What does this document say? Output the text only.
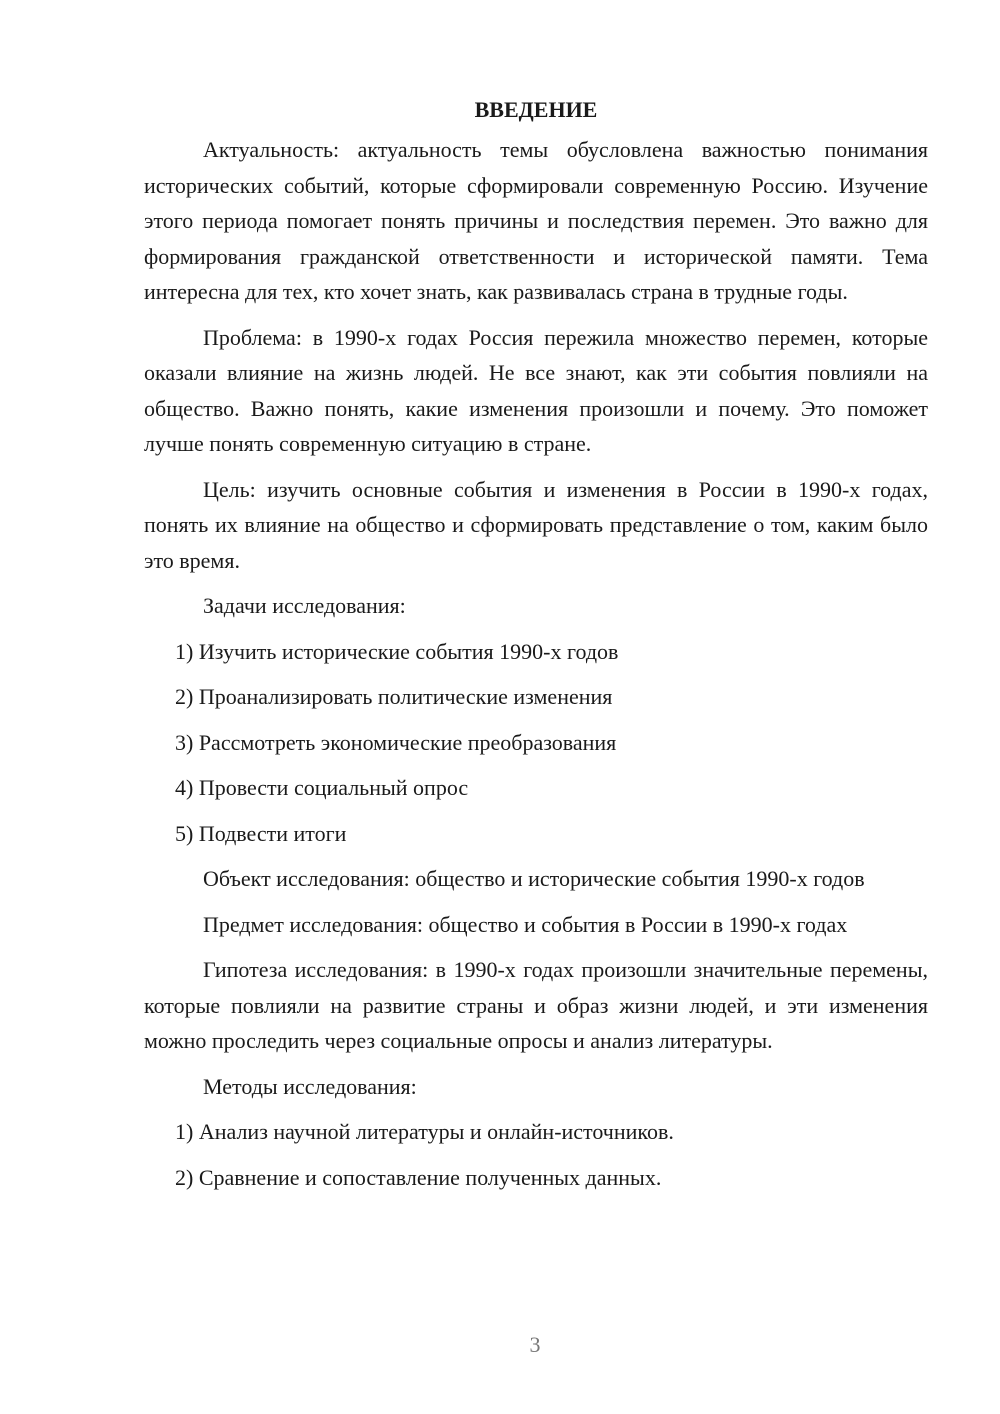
ВВЕДЕНИЕ

Актуальность: актуальность темы обусловлена важностью понимания исторических событий, которые сформировали современную Россию. Изучение этого периода помогает понять причины и последствия перемен. Это важно для формирования гражданской ответственности и исторической памяти. Тема интересна для тех, кто хочет знать, как развивалась страна в трудные годы.

Проблема: в 1990-х годах Россия пережила множество перемен, которые оказали влияние на жизнь людей. Не все знают, как эти события повлияли на общество. Важно понять, какие изменения произошли и почему. Это поможет лучше понять современную ситуацию в стране.

Цель: изучить основные события и изменения в России в 1990-х годах, понять их влияние на общество и сформировать представление о том, каким было это время.

Задачи исследования:

1) Изучить исторические события 1990-х годов
2) Проанализировать политические изменения
3) Рассмотреть экономические преобразования
4) Провести социальный опрос
5) Подвести итоги

Объект исследования: общество и исторические события 1990-х годов

Предмет исследования: общество и события в России в 1990-х годах

Гипотеза исследования: в 1990-х годах произошли значительные перемены, которые повлияли на развитие страны и образ жизни людей, и эти изменения можно проследить через социальные опросы и анализ литературы.

Методы исследования:

1) Анализ научной литературы и онлайн-источников.
2) Сравнение и сопоставление полученных данных.
3
